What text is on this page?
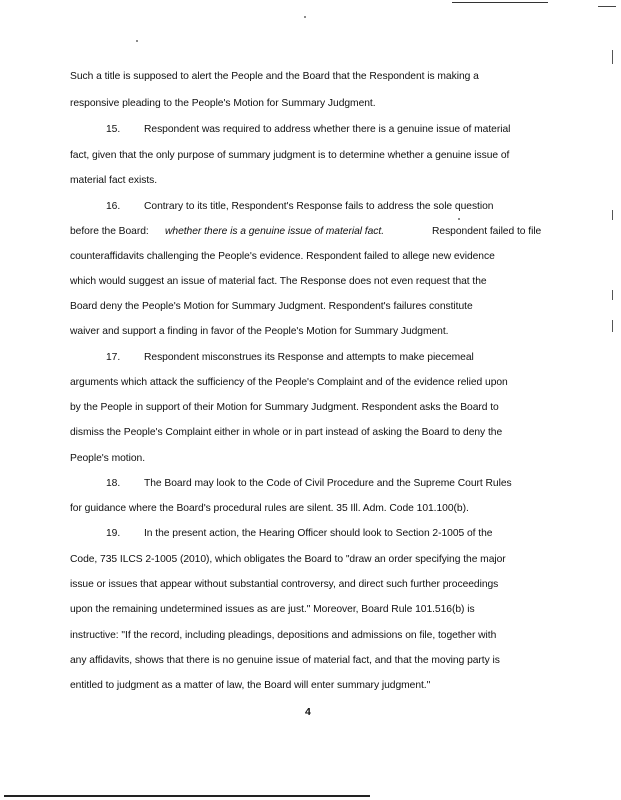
Such a title is supposed to alert the People and the Board that the Respondent is making a
responsive pleading to the People's Motion for Summary Judgment.
15. Respondent was required to address whether there is a genuine issue of material
fact, given that the only purpose of summary judgment is to determine whether a genuine issue of
material fact exists.
16. Contrary to its title, Respondent's Response fails to address the sole question
before the Board: whether there is a genuine issue of material fact.	Respondent failed to file
counteraffidavits challenging the People's evidence. Respondent failed to allege new evidence
which would suggest an issue of material fact. The Response does not even request that the
Board deny the People's Motion for Summary Judgment. Respondent's failures constitute
waiver and support a finding in favor of the People's Motion for Summary Judgment.
17. Respondent misconstrues its Response and attempts to make piecemeal
arguments which attack the sufficiency of the People's Complaint and of the evidence relied upon
by the People in support of their Motion for Summary Judgment. Respondent asks the Board to
dismiss the People's Complaint either in whole or in part instead of asking the Board to deny the
People's motion.
18. The Board may look to the Code of Civil Procedure and the Supreme Court Rules
for guidance where the Board's procedural rules are silent. 35 Ill. Adm. Code 101.100(b).
19. In the present action, the Hearing Officer should look to Section 2-1005 of the
Code, 735 ILCS 2-1005 (2010), which obligates the Board to "draw an order specifying the major
issue or issues that appear without substantial controversy, and direct such further proceedings
upon the remaining undetermined issues as are just." Moreover, Board Rule 101.516(b) is
instructive: "If the record, including pleadings, depositions and admissions on file, together with
any affidavits, shows that there is no genuine issue of material fact, and that the moving party is
entitled to judgment as a matter of law, the Board will enter summary judgment."
4
